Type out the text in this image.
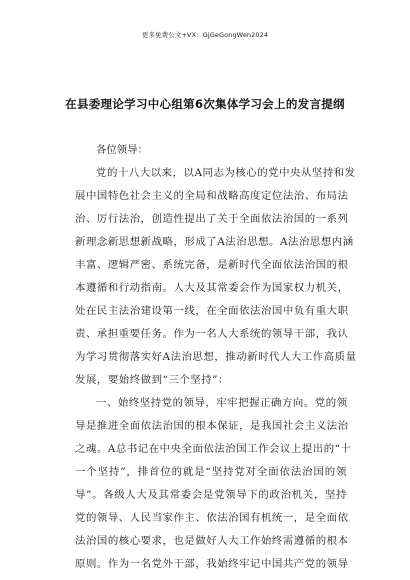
更多免费公文+VX：GjGeGongWen2024
在县委理论学习中心组第6次集体学习会上的发言提纲

各位领导：

党的十八大以来，以A同志为核心的党中央从坚持和发

展中国特色社会主义的全局和战略高度定位法治、布局法

治、厉行法治，创造性提出了关于全面依法治国的一系列

新理念新思想新战略，形成了A法治思想。A法治思想内涵

丰富、逻辑严密、系统完备，是新时代全面依法治国的根

本遵循和行动指南。人大及其常委会作为国家权力机关，

处在民主法治建设第一线，在全面依法治国中负有重大职

责、承担重要任务。作为一名人大系统的领导干部，我认

为学习贯彻落实好A法治思想，推动新时代人大工作高质量

发展，要始终做到“三个坚持”：

一、始终坚持党的领导，牢牢把握正确方向。党的领

导是推进全面依法治国的根本保证，是我国社会主义法治

之魂。A总书记在中央全面依法治国工作会议上提出的“十

一个坚持”，排首位的就是“坚持党对全面依法治国的领

导”。各级人大及其常委会是党领导下的政治机关，坚持

党的领导、人民当家作主、依法治国有机统一，是全面依

法治国的核心要求，也是做好人大工作始终需遵循的根本

原则。作为一名党外干部，我始终牢记中国共产党的领导
